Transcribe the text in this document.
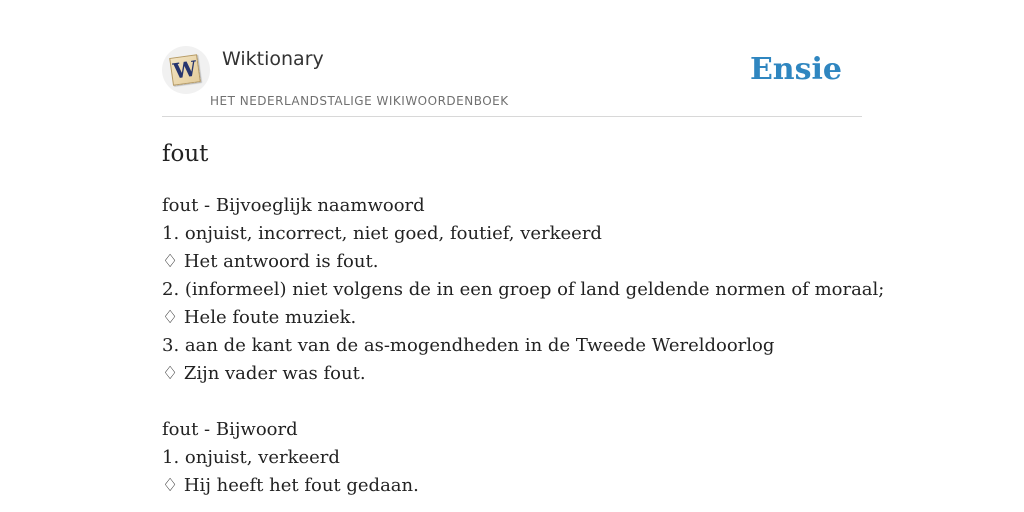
W Wiktionary
HET NEDERLANDSTALIGE WIKIWOORDENBOEK
Ensie
fout
fout - Bijvoeglijk naamwoord
1. onjuist, incorrect, niet goed, foutief, verkeerd
♢ Het antwoord is fout.
2. (informeel) niet volgens de in een groep of land geldende normen of moraal;
♢ Hele foute muziek.
3. aan de kant van de as-mogendheden in de Tweede Wereldoorlog
♢ Zijn vader was fout.
fout - Bijwoord
1. onjuist, verkeerd
♢ Hij heeft het fout gedaan.
